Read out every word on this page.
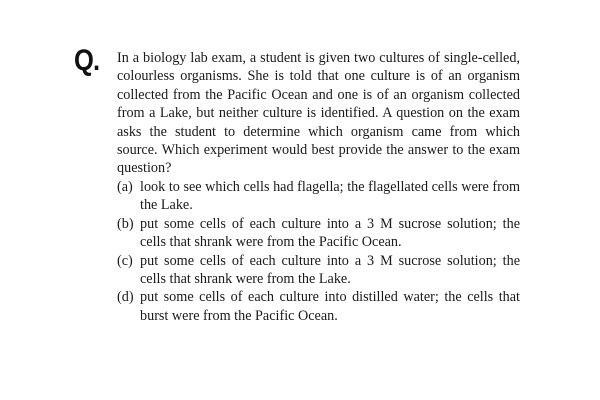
Q. In a biology lab exam, a student is given two cultures of single-celled, colourless organisms. She is told that one culture is of an organism collected from the Pacific Ocean and one is of an organism collected from a Lake, but neither culture is identified. A question on the exam asks the student to determine which organism came from which source. Which experiment would best provide the answer to the exam question?

(a) look to see which cells had flagella; the flagellated cells were from the Lake.
(b) put some cells of each culture into a 3 M sucrose solution; the cells that shrank were from the Pacific Ocean.
(c) put some cells of each culture into a 3 M sucrose solution; the cells that shrank were from the Lake.
(d) put some cells of each culture into distilled water; the cells that burst were from the Pacific Ocean.
